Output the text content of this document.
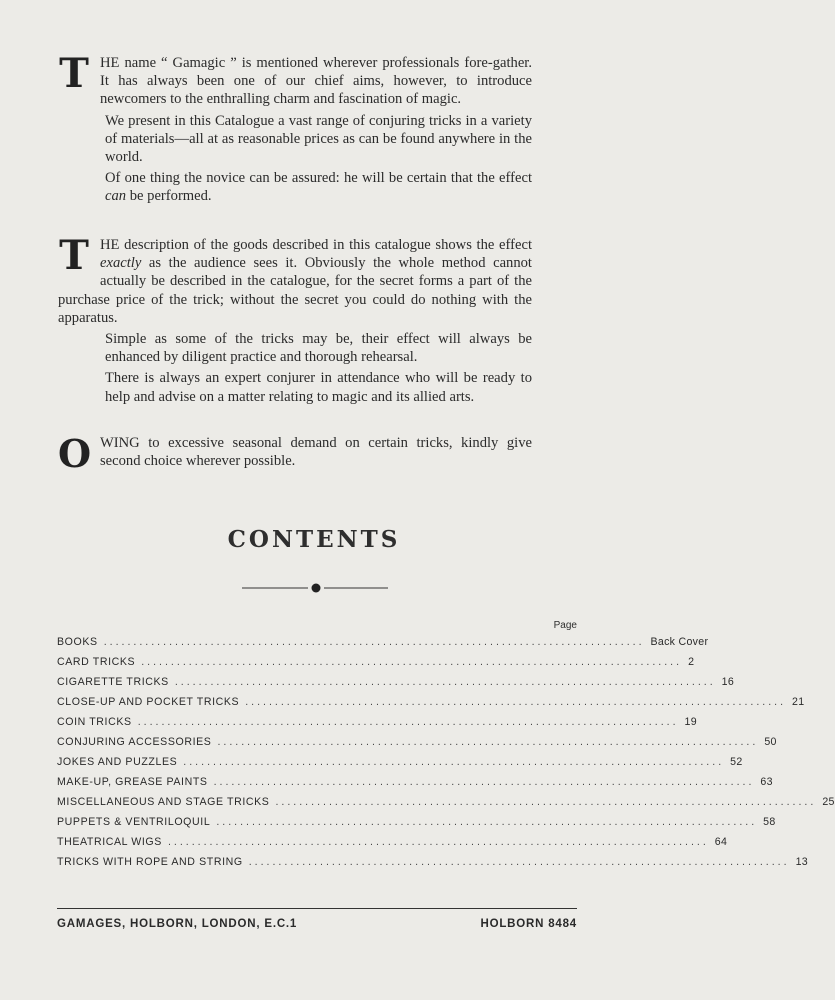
THE name “ Gamagic ” is mentioned wherever professionals fore-gather. It has always been one of our chief aims, however, to introduce newcomers to the enthralling charm and fascination of magic.

We present in this Catalogue a vast range of conjuring tricks in a variety of materials—all at as reasonable prices as can be found anywhere in the world.

Of one thing the novice can be assured: he will be certain that the effect can be performed.

THE description of the goods described in this catalogue shows the effect exactly as the audience sees it. Obviously the whole method cannot actually be described in the catalogue, for the secret forms a part of the purchase price of the trick; without the secret you could do nothing with the apparatus.

Simple as some of the tricks may be, their effect will always be enhanced by diligent practice and thorough rehearsal.

There is always an expert conjurer in attendance who will be ready to help and advise on a matter relating to magic and its allied arts.

OWING to excessive seasonal demand on certain tricks, kindly give second choice wherever possible.

CONTENTS
Page
BOOKS ........................................................................................... Back Cover
CARD TRICKS ........................................................................................... 2
CIGARETTE TRICKS ........................................................................................... 16
CLOSE-UP AND POCKET TRICKS ........................................................................................... 21
COIN TRICKS ........................................................................................... 19
CONJURING ACCESSORIES ........................................................................................... 50
JOKES AND PUZZLES ........................................................................................... 52
MAKE-UP, GREASE PAINTS ........................................................................................... 63
MISCELLANEOUS AND STAGE TRICKS ........................................................................................... 25
PUPPETS & VENTRILOQUIL ........................................................................................... 58
THEATRICAL WIGS ........................................................................................... 64
TRICKS WITH ROPE AND STRING ........................................................................................... 13
GAMAGES, HOLBORN, LONDON, E.C.1	HOLBORN 8484
